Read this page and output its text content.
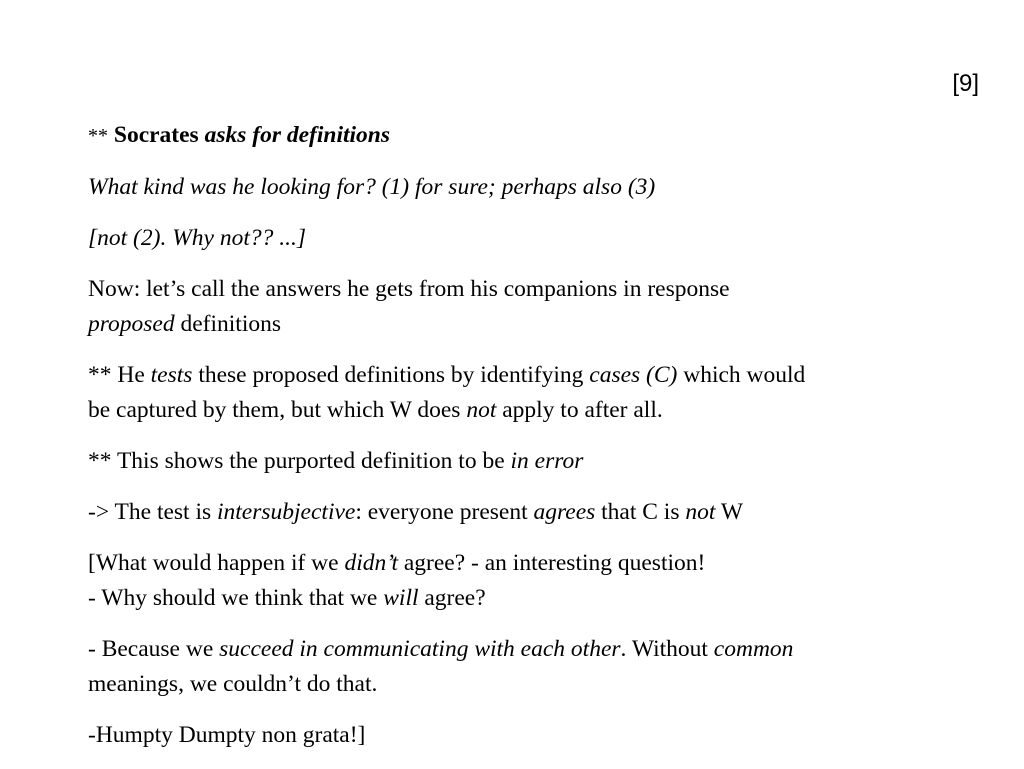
[9]
** Socrates asks for definitions
What kind was he looking for? (1) for sure; perhaps also (3)
[not (2). Why not?? ...]
Now: let’s call the answers he gets from his companions in response
proposed definitions
** He tests these proposed definitions by identifying cases (C) which would
be captured by them, but which W does not apply to after all.
** This shows the purported definition to be in error
-> The test is intersubjective: everyone present agrees that C is not W
[What would happen if we didn’t agree? - an interesting question!
- Why should we think that we will agree?
- Because we succeed in communicating with each other. Without common
meanings, we couldn’t do that.
-Humpty Dumpty non grata!]
